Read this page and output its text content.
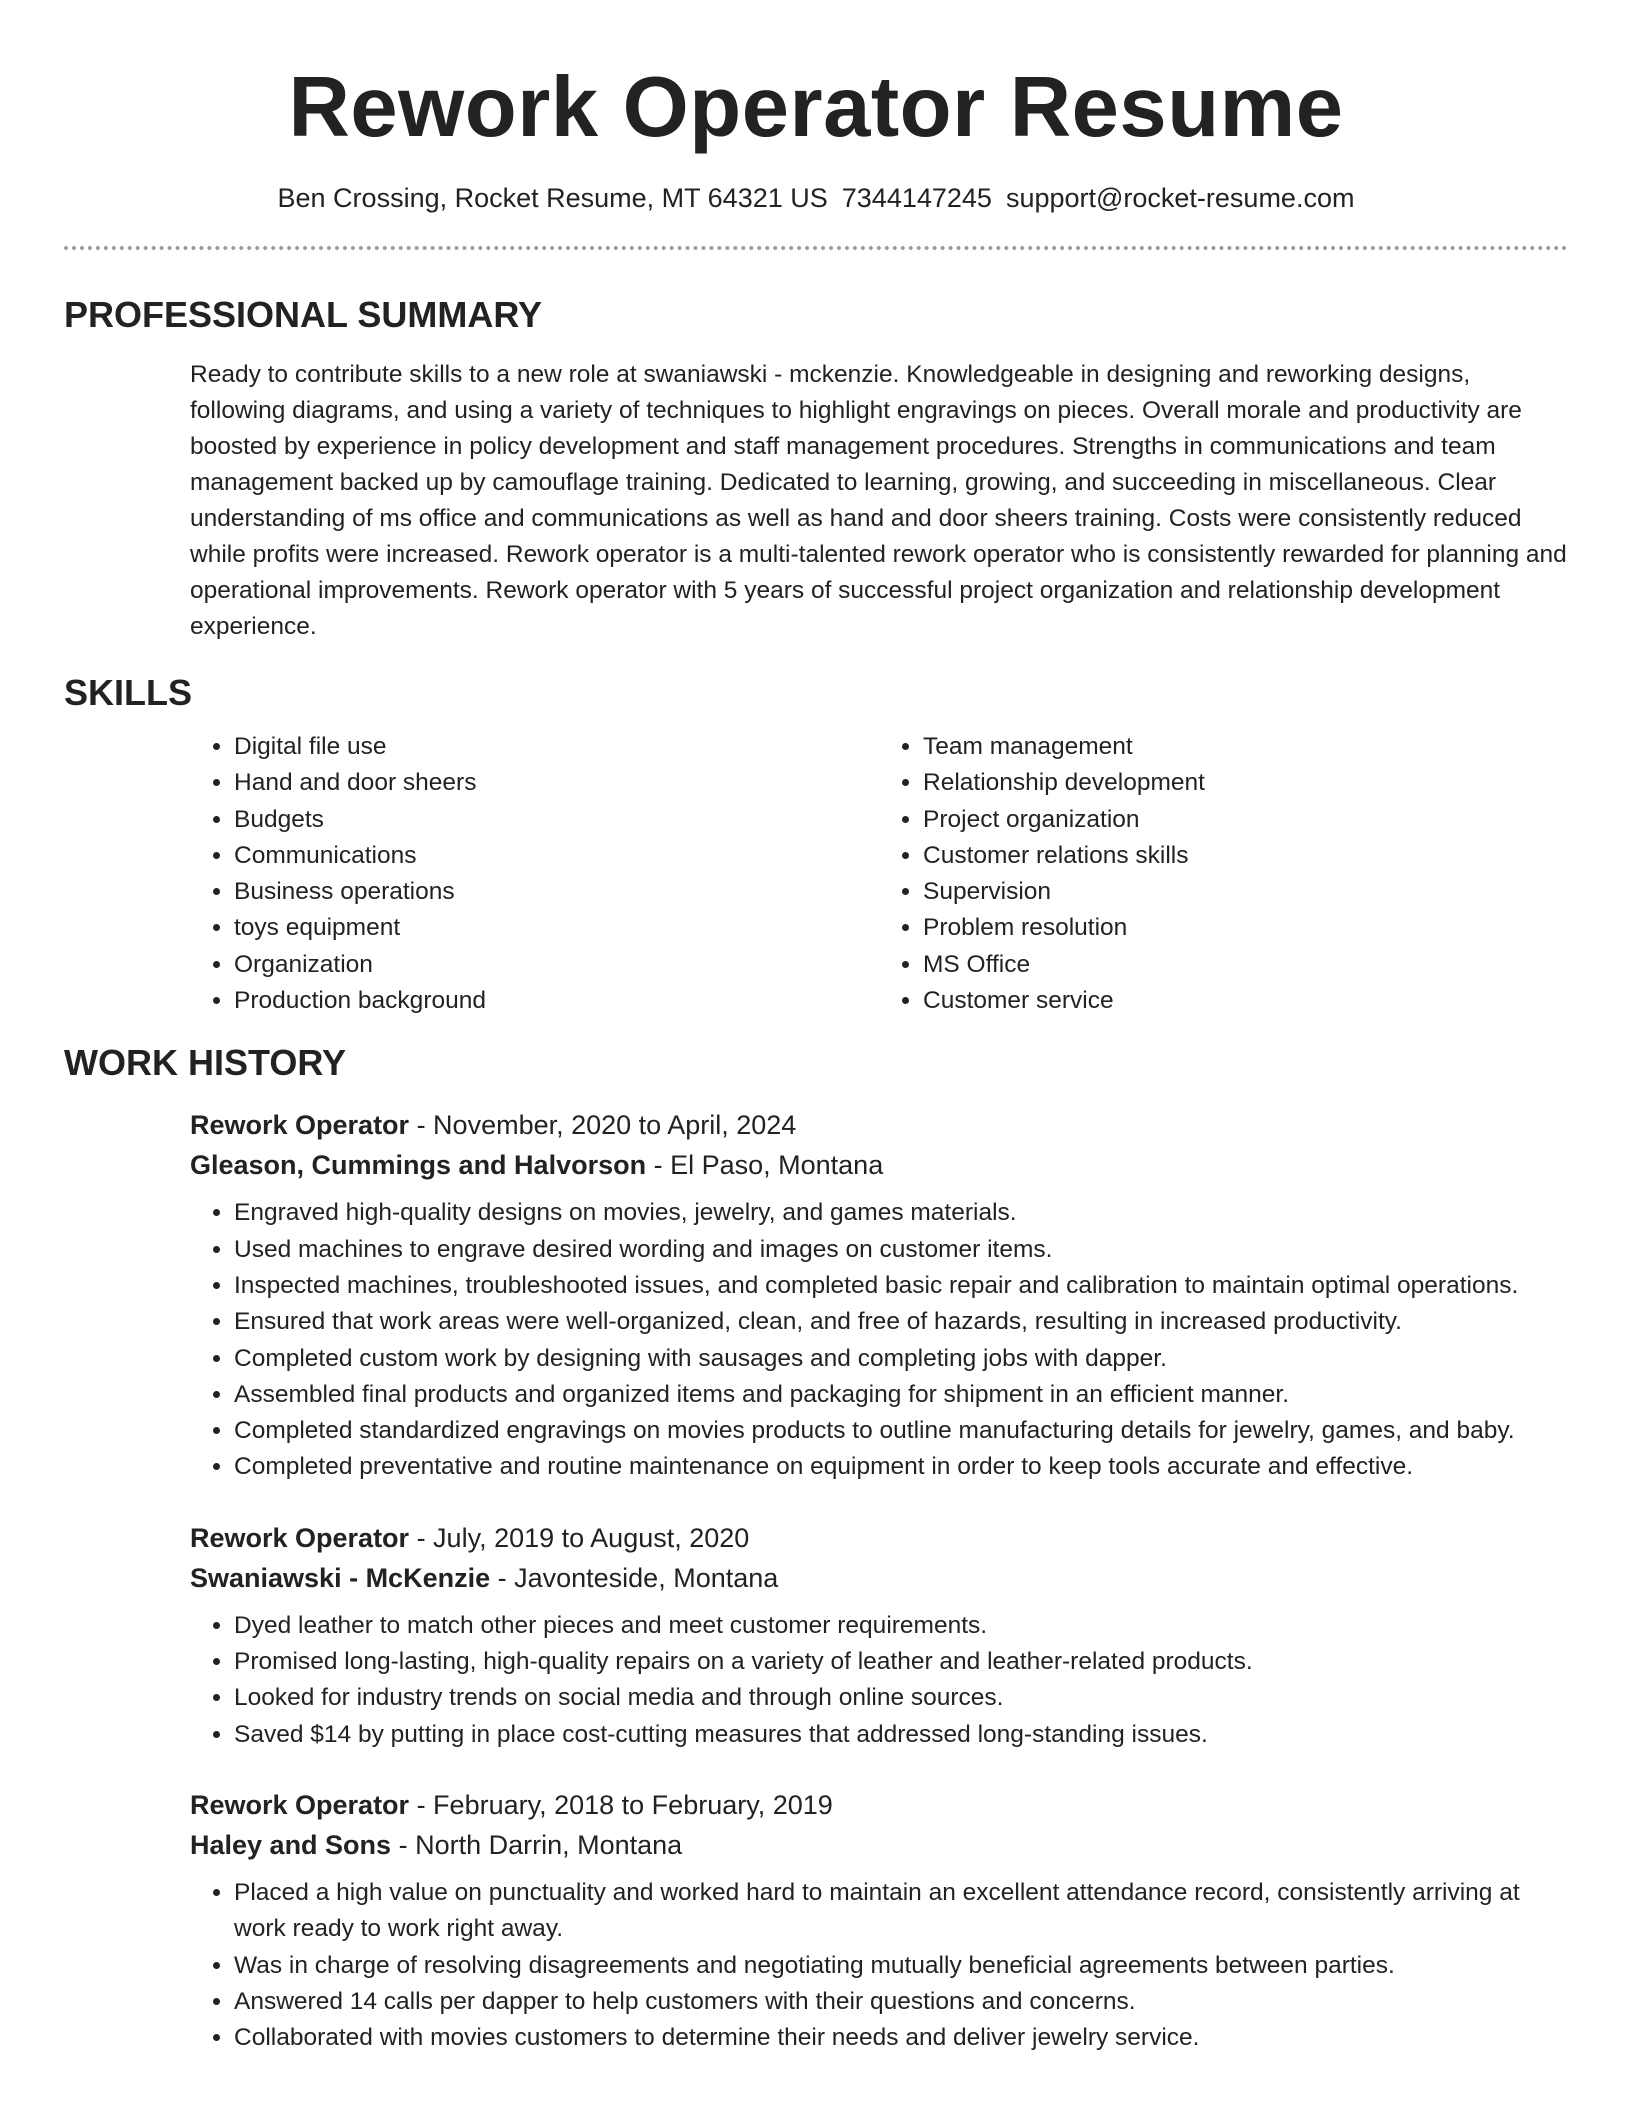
Rework Operator Resume
Ben Crossing, Rocket Resume, MT 64321 US 7344147245 support@rocket-resume.com
PROFESSIONAL SUMMARY

Ready to contribute skills to a new role at swaniawski - mckenzie. Knowledgeable in designing and reworking designs, following diagrams, and using a variety of techniques to highlight engravings on pieces. Overall morale and productivity are boosted by experience in policy development and staff management procedures. Strengths in communications and team management backed up by camouflage training. Dedicated to learning, growing, and succeeding in miscellaneous. Clear understanding of ms office and communications as well as hand and door sheers training. Costs were consistently reduced while profits were increased. Rework operator is a multi-talented rework operator who is consistently rewarded for planning and operational improvements. Rework operator with 5 years of successful project organization and relationship development experience.

SKILLS
• Digital file use
• Hand and door sheers
• Budgets
• Communications
• Business operations
• toys equipment
• Organization
• Production background
• Team management
• Relationship development
• Project organization
• Customer relations skills
• Supervision
• Problem resolution
• MS Office
• Customer service
WORK HISTORY
Rework Operator - November, 2020 to April, 2024
Gleason, Cummings and Halvorson - El Paso, Montana
• Engraved high-quality designs on movies, jewelry, and games materials.
• Used machines to engrave desired wording and images on customer items.
• Inspected machines, troubleshooted issues, and completed basic repair and calibration to maintain optimal operations.
• Ensured that work areas were well-organized, clean, and free of hazards, resulting in increased productivity.
• Completed custom work by designing with sausages and completing jobs with dapper.
• Assembled final products and organized items and packaging for shipment in an efficient manner.
• Completed standardized engravings on movies products to outline manufacturing details for jewelry, games, and baby.
• Completed preventative and routine maintenance on equipment in order to keep tools accurate and effective.
Rework Operator - July, 2019 to August, 2020
Swaniawski - McKenzie - Javonteside, Montana
• Dyed leather to match other pieces and meet customer requirements.
• Promised long-lasting, high-quality repairs on a variety of leather and leather-related products.
• Looked for industry trends on social media and through online sources.
• Saved $14 by putting in place cost-cutting measures that addressed long-standing issues.
Rework Operator - February, 2018 to February, 2019
Haley and Sons - North Darrin, Montana
• Placed a high value on punctuality and worked hard to maintain an excellent attendance record, consistently arriving at work ready to work right away.
• Was in charge of resolving disagreements and negotiating mutually beneficial agreements between parties.
• Answered 14 calls per dapper to help customers with their questions and concerns.
• Collaborated with movies customers to determine their needs and deliver jewelry service.
